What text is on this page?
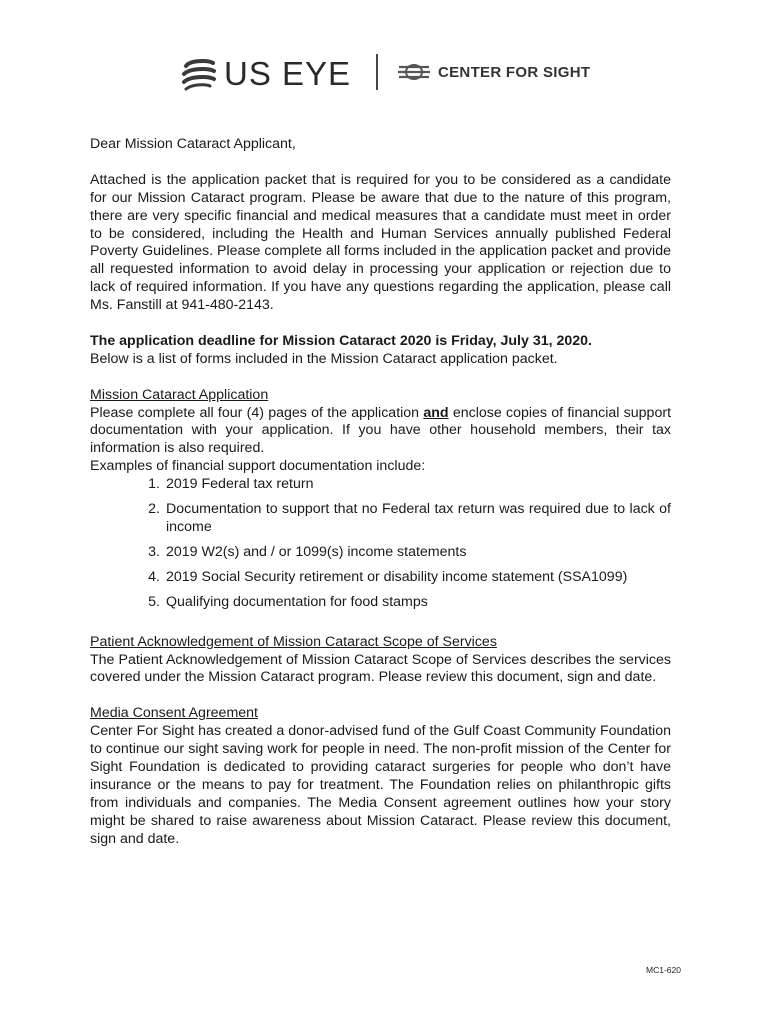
US EYE	CENTER FOR SIGHT

Dear Mission Cataract Applicant,

Attached is the application packet that is required for you to be considered as a candidate for our Mission Cataract program. Please be aware that due to the nature of this program, there are very specific financial and medical measures that a candidate must meet in order to be considered, including the Health and Human Services annually published Federal Poverty Guidelines. Please complete all forms included in the application packet and provide all requested information to avoid delay in processing your application or rejection due to lack of required information. If you have any questions regarding the application, please call Ms. Fanstill at 941-480-2143.

The application deadline for Mission Cataract 2020 is Friday, July 31, 2020.

Below is a list of forms included in the Mission Cataract application packet.

Mission Cataract Application

Please complete all four (4) pages of the application and enclose copies of financial support documentation with your application. If you have other household members, their tax information is also required.

Examples of financial support documentation include:

1. 2019 Federal tax return
2. Documentation to support that no Federal tax return was required due to lack of income
3. 2019 W2(s) and / or 1099(s) income statements
4. 2019 Social Security retirement or disability income statement (SSA1099)
5. Qualifying documentation for food stamps

Patient Acknowledgement of Mission Cataract Scope of Services

The Patient Acknowledgement of Mission Cataract Scope of Services describes the services covered under the Mission Cataract program. Please review this document, sign and date.

Media Consent Agreement

Center For Sight has created a donor-advised fund of the Gulf Coast Community Foundation to continue our sight saving work for people in need. The non-profit mission of the Center for Sight Foundation is dedicated to providing cataract surgeries for people who don’t have insurance or the means to pay for treatment. The Foundation relies on philanthropic gifts from individuals and companies. The Media Consent agreement outlines how your story might be shared to raise awareness about Mission Cataract. Please review this document, sign and date.

MC1-620
